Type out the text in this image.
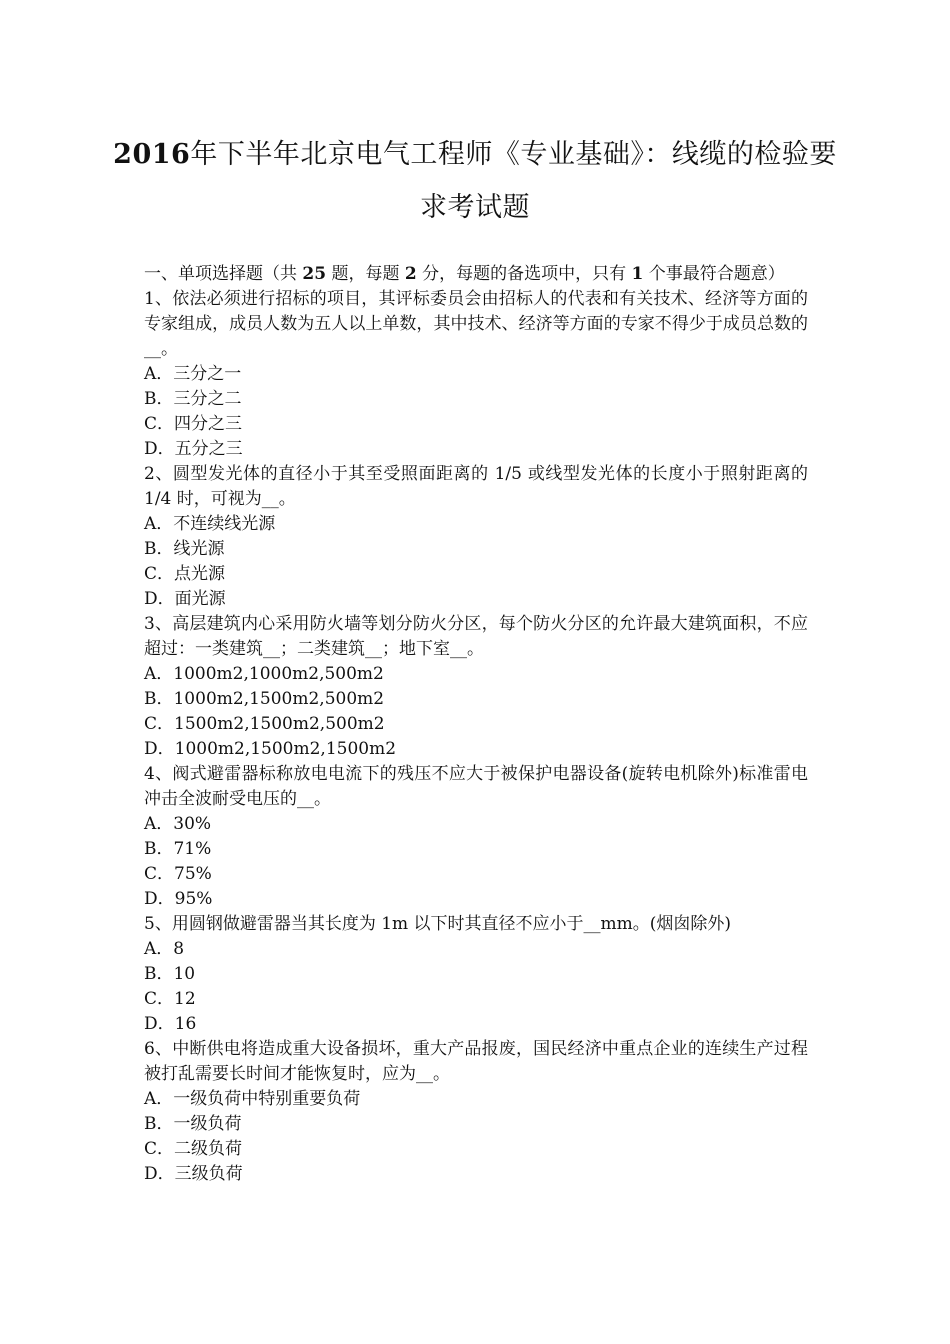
2016年下半年北京电气工程师《专业基础》：线缆的检验要
求考试题

一、单项选择题（共 25 题，每题 2 分，每题的备选项中，只有 1 个事最符合题意）

1、依法必须进行招标的项目，其评标委员会由招标人的代表和有关技术、经济等方面的专家组成，成员人数为五人以上单数，其中技术、经济等方面的专家不得少于成员总数的__。

A．三分之一

B．三分之二

C．四分之三

D．五分之三

2、圆型发光体的直径小于其至受照面距离的 1/5 或线型发光体的长度小于照射距离的 1/4 时，可视为__。

A．不连续线光源

B．线光源

C．点光源

D．面光源

3、高层建筑内心采用防火墙等划分防火分区，每个防火分区的允许最大建筑面积，不应超过：一类建筑__；二类建筑__；地下室__。

A．1000m2,1000m2,500m2

B．1000m2,1500m2,500m2

C．1500m2,1500m2,500m2

D．1000m2,1500m2,1500m2

4、阀式避雷器标称放电电流下的残压不应大于被保护电器设备(旋转电机除外)标准雷电冲击全波耐受电压的__。

A．30%

B．71%

C．75%

D．95%

5、用圆钢做避雷器当其长度为 1m 以下时其直径不应小于__mm。(烟囱除外)

A．8

B．10

C．12

D．16

6、中断供电将造成重大设备损坏，重大产品报废，国民经济中重点企业的连续生产过程被打乱需要长时间才能恢复时，应为__。

A．一级负荷中特别重要负荷

B．一级负荷

C．二级负荷

D．三级负荷
